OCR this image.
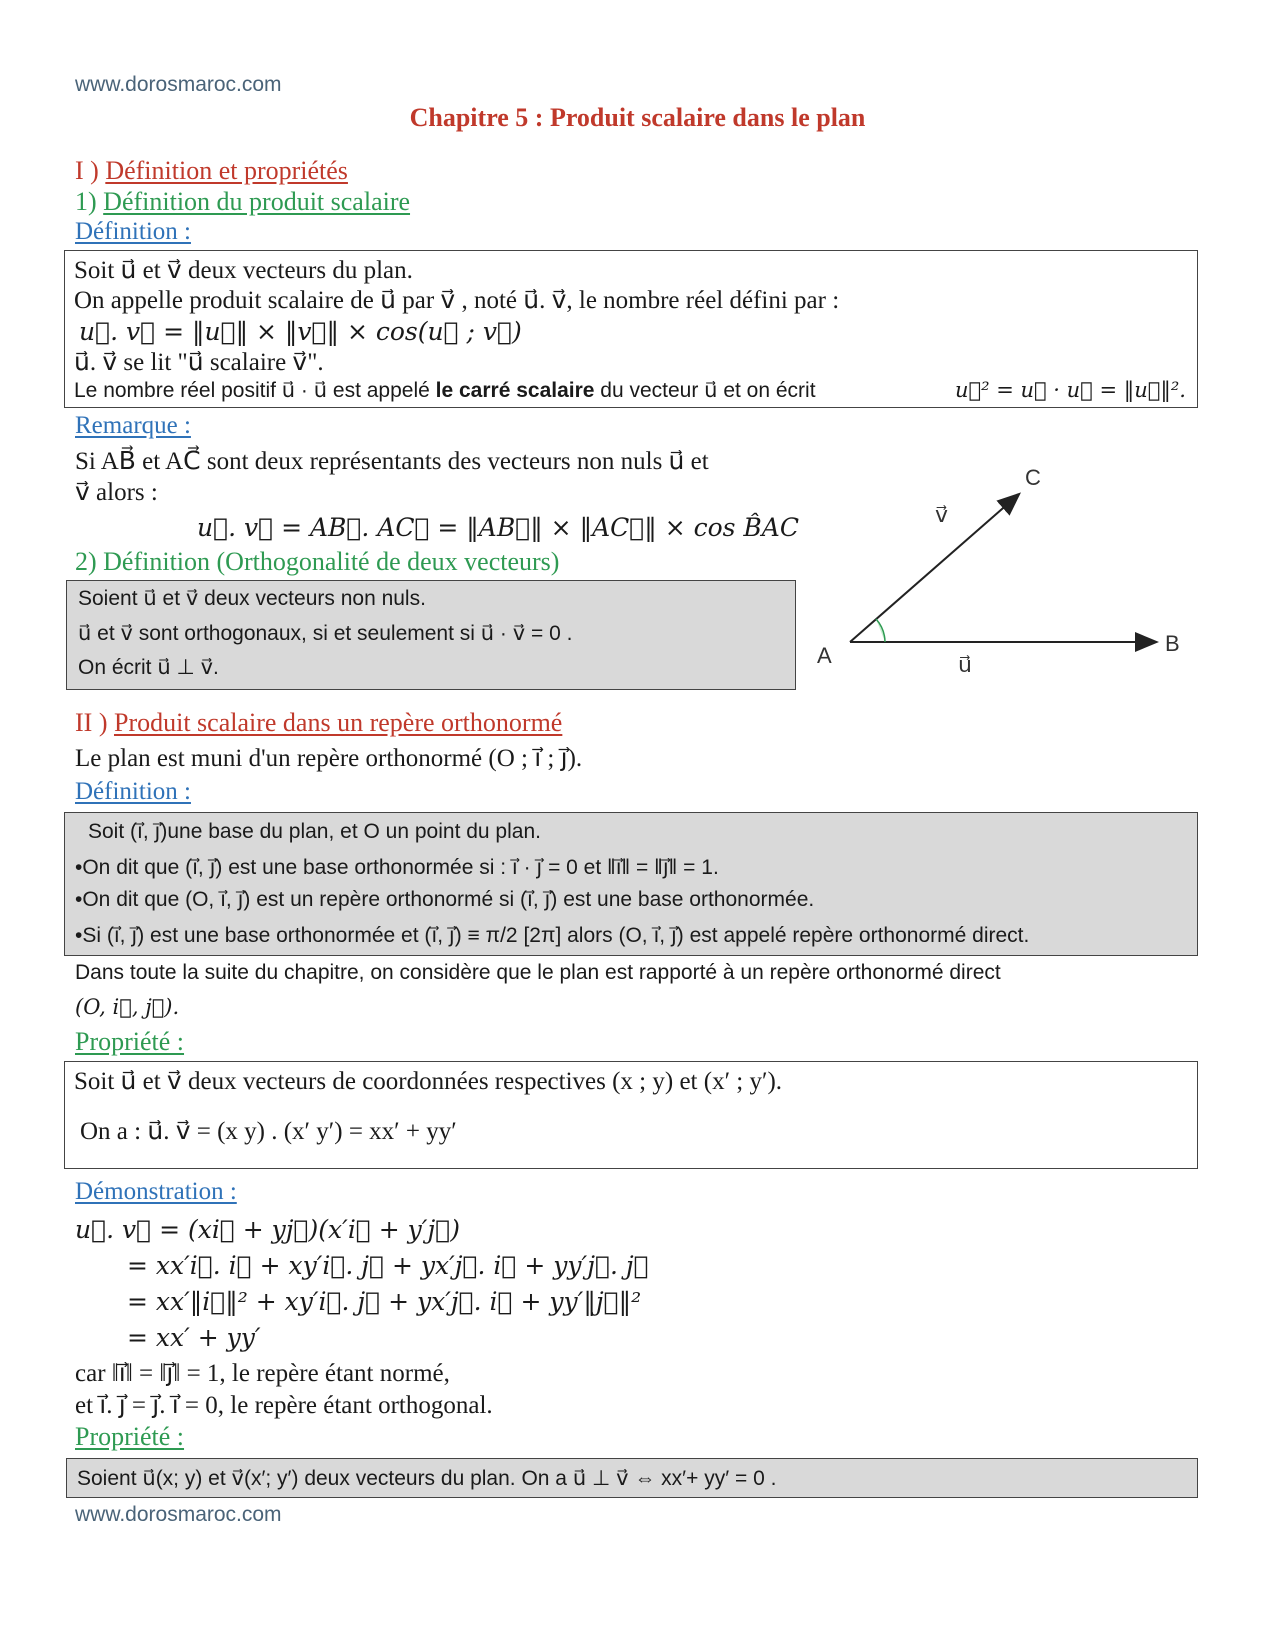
www.dorosmaroc.com
Chapitre 5 : Produit scalaire dans le plan
I ) Définition et propriétés
1) Définition du produit scalaire
Définition :
Soit u⃗ et v⃗ deux vecteurs du plan.
On appelle produit scalaire de u⃗ par v⃗ , noté u⃗. v⃗, le nombre réel défini par :
u⃗. v⃗ = ‖u⃗‖ × ‖v⃗‖ × cos(u⃗ ; v⃗)
u⃗. v⃗ se lit "u⃗ scalaire v⃗".
Le nombre réel positif u⃗ · u⃗ est appelé le carré scalaire du vecteur u⃗ et on écrit	u⃗² = u⃗ · u⃗ = ‖u⃗‖².
Remarque :
Si AB⃗ et AC⃗ sont deux représentants des vecteurs non nuls u⃗ et
v⃗ alors :
u⃗. v⃗ = AB⃗. AC⃗ = ‖AB⃗‖ × ‖AC⃗‖ × cos B̂AC
2) Définition (Orthogonalité de deux vecteurs)
Soient u⃗ et v⃗ deux vecteurs non nuls.
u⃗ et v⃗ sont orthogonaux, si et seulement si u⃗ · v⃗ = 0 .
On écrit u⃗ ⊥ v⃗.	A	B
C
u⃗
v⃗
II ) Produit scalaire dans un repère orthonormé
Le plan est muni d'un repère orthonormé (O ; i⃗ ; j⃗).
Définition :
Soit (i⃗, j⃗)une base du plan, et O un point du plan.
•On dit que (i⃗, j⃗) est une base orthonormée si : i⃗ · j⃗ = 0 et ‖i⃗‖ = ‖j⃗‖ = 1.
•On dit que (O, i⃗, j⃗) est un repère orthonormé si (i⃗, j⃗) est une base orthonormée.
•Si (i⃗, j⃗) est une base orthonormée et (i⃗, j⃗) ≡ π/2 [2π] alors (O, i⃗, j⃗) est appelé repère orthonormé direct.
Dans toute la suite du chapitre, on considère que le plan est rapporté à un repère orthonormé direct
(O, i⃗, j⃗).
Propriété :
Soit u⃗ et v⃗ deux vecteurs de coordonnées respectives (x ; y) et (x′ ; y′).
On a : u⃗. v⃗ = (x y) . (x′ y′) = xx′ + yy′
Démonstration :
u⃗. v⃗ = (xi⃗ + yj⃗)(x′i⃗ + y′j⃗)
= xx′i⃗. i⃗ + xy′i⃗. j⃗ + yx′j⃗. i⃗ + yy′j⃗. j⃗
= xx′‖i⃗‖² + xy′i⃗. j⃗ + yx′j⃗. i⃗ + yy′‖j⃗‖²
= xx′ + yy′
car ‖i⃗‖ = ‖j⃗‖ = 1, le repère étant normé,
et i⃗. j⃗ = j⃗. i⃗ = 0, le repère étant orthogonal.
Propriété :
Soient u⃗(x; y) et v⃗(x′; y′) deux vecteurs du plan. On a u⃗ ⊥ v⃗ ⇔ xx′+ yy′ = 0 .
www.dorosmaroc.com
